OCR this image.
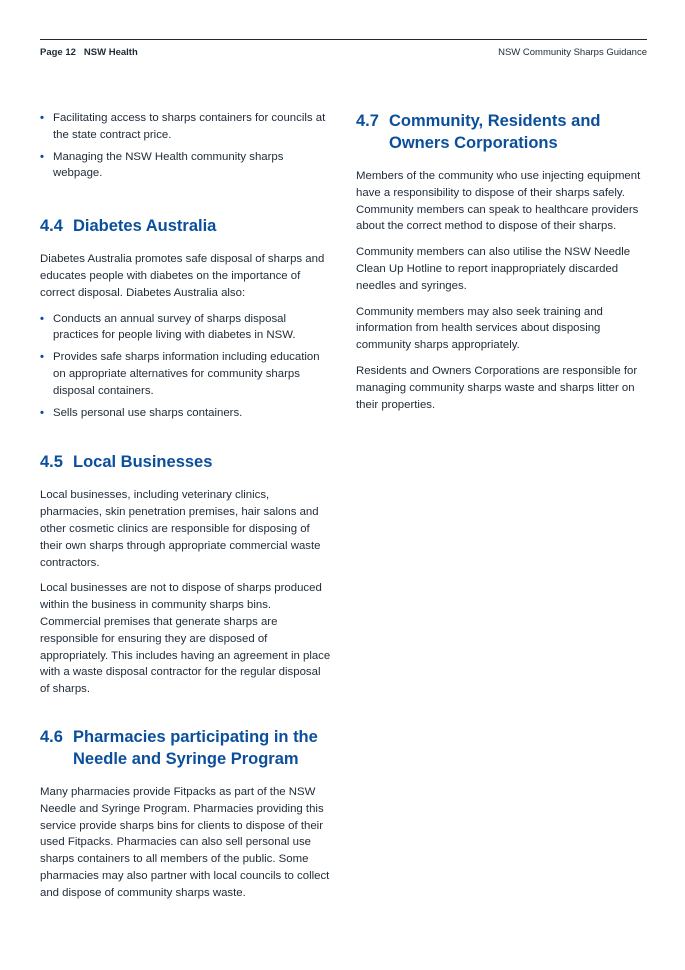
Page 12 NSW Health	NSW Community Sharps Guidance
• Facilitating access to sharps containers for councils at the state contract price.
• Managing the NSW Health community sharps webpage.
4.4 Diabetes Australia

Diabetes Australia promotes safe disposal of sharps and educates people with diabetes on the importance of correct disposal. Diabetes Australia also:

• Conducts an annual survey of sharps disposal practices for people living with diabetes in NSW.
• Provides safe sharps information including education on appropriate alternatives for community sharps disposal containers.
• Sells personal use sharps containers.
4.5 Local Businesses

Local businesses, including veterinary clinics, pharmacies, skin penetration premises, hair salons and other cosmetic clinics are responsible for disposing of their own sharps through appropriate commercial waste contractors.

Local businesses are not to dispose of sharps produced within the business in community sharps bins. Commercial premises that generate sharps are responsible for ensuring they are disposed of appropriately. This includes having an agreement in place with a waste disposal contractor for the regular disposal of sharps.

4.6 Pharmacies participating in the Needle and Syringe Program

Many pharmacies provide Fitpacks as part of the NSW Needle and Syringe Program. Pharmacies providing this service provide sharps bins for clients to dispose of their used Fitpacks. Pharmacies can also sell personal use sharps containers to all members of the public. Some pharmacies may also partner with local councils to collect and dispose of community sharps waste.

4.7 Community, Residents and Owners Corporations

Members of the community who use injecting equipment have a responsibility to dispose of their sharps safely. Community members can speak to healthcare providers about the correct method to dispose of their sharps.

Community members can also utilise the NSW Needle Clean Up Hotline to report inappropriately discarded needles and syringes.

Community members may also seek training and information from health services about disposing community sharps appropriately.

Residents and Owners Corporations are responsible for managing community sharps waste and sharps litter on their properties.
